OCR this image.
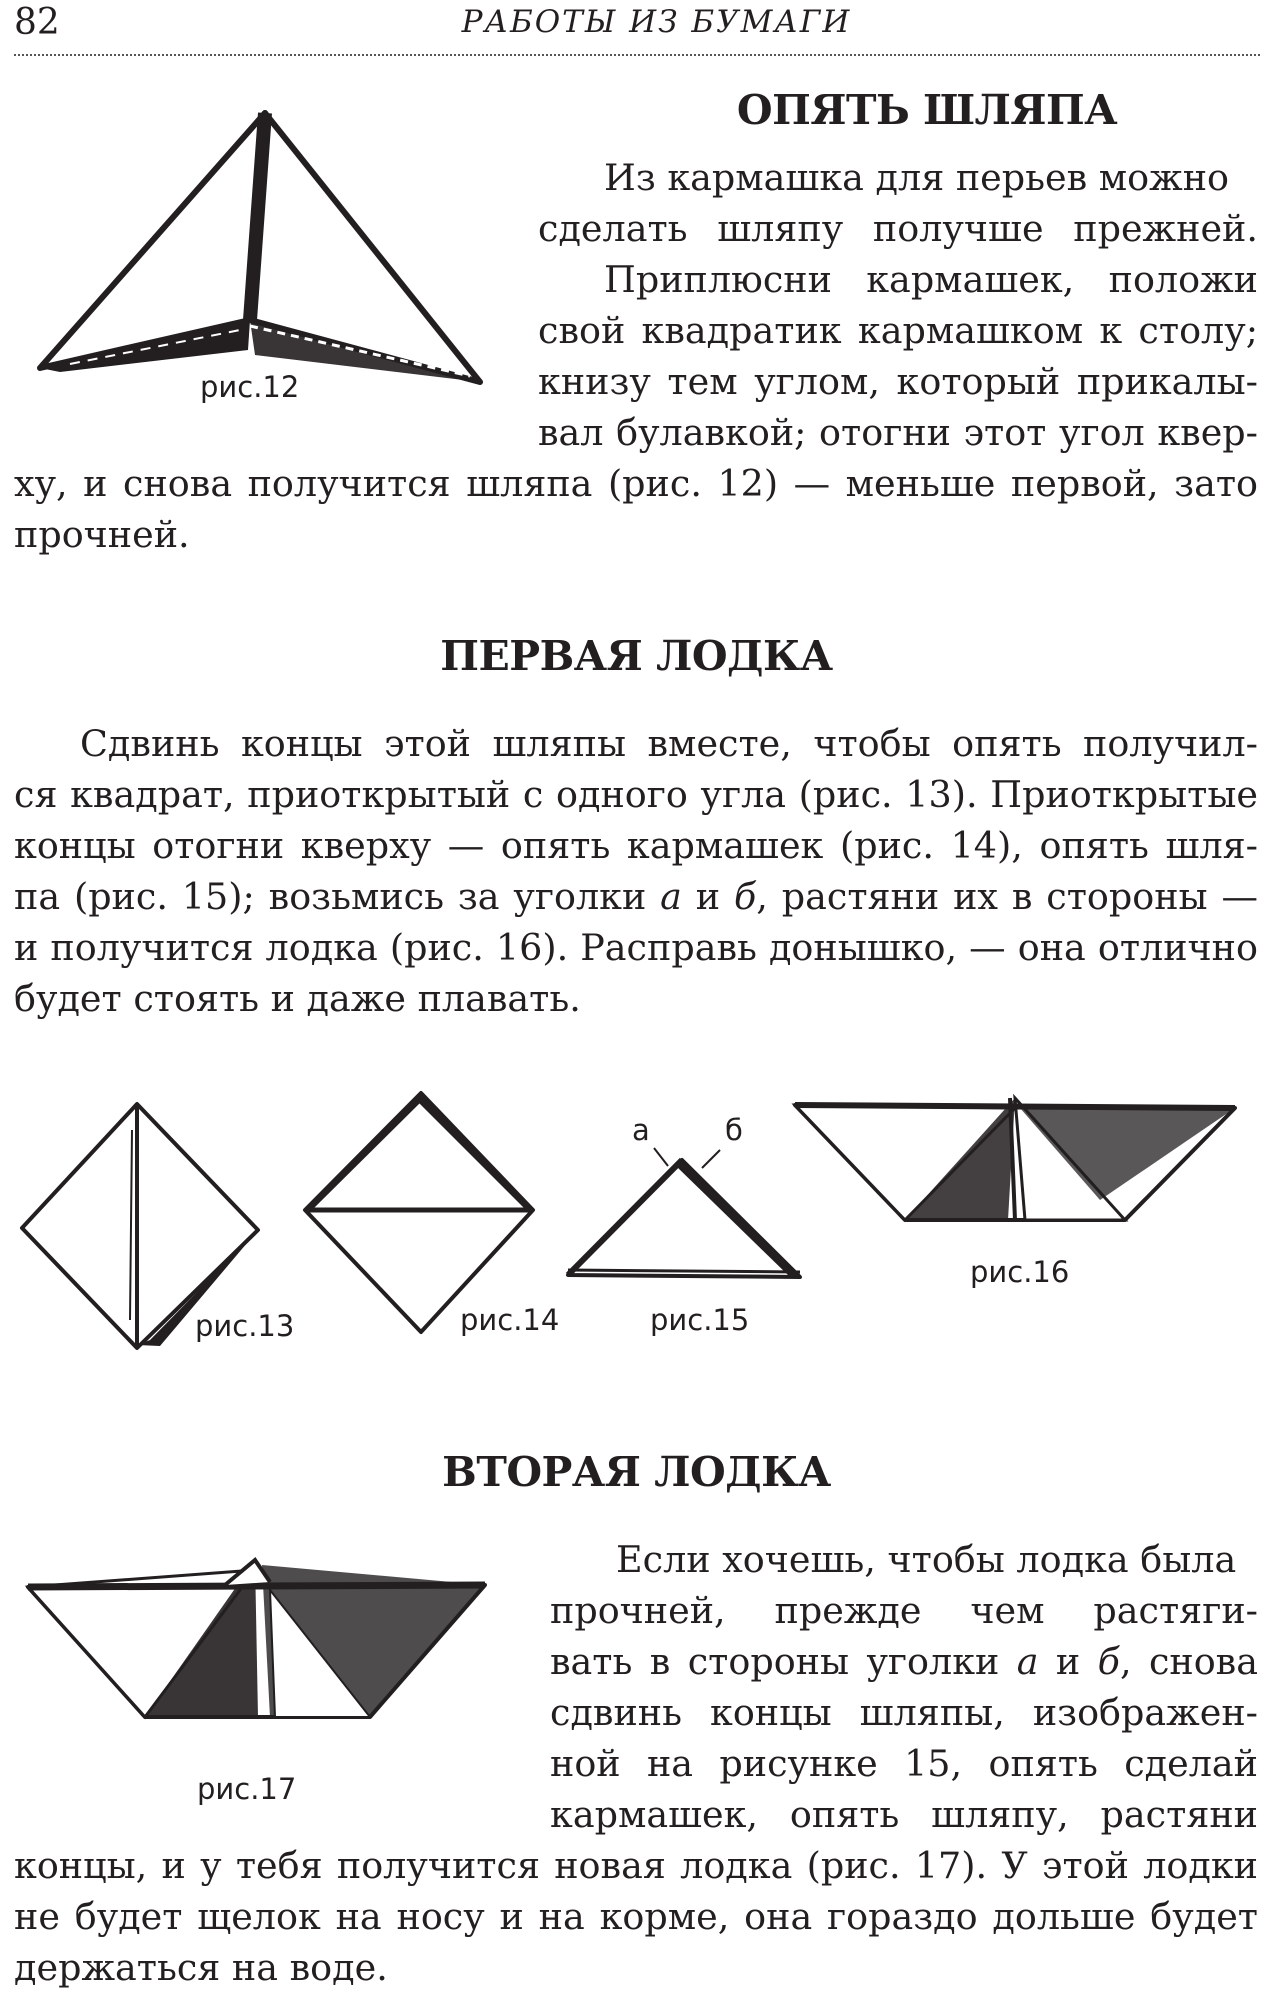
82	РАБОТЫ ИЗ БУМАГИ
ОПЯТЬ ШЛЯПА
рис.12
Из кармашка для перьев можно
сделать шляпу получше прежней.
Приплюсни кармашек, положи
свой квадратик кармашком к столу;
книзу тем углом, который прикалы-
вал булавкой; отогни этот угол квер-
ху, и снова получится шляпа (рис. 12) — меньше первой, зато
прочней.
ПЕРВАЯ ЛОДКА
Сдвинь концы этой шляпы вместе, чтобы опять получил-
ся квадрат, приоткрытый с одного угла (рис. 13). Приоткрытые
концы отогни кверху — опять кармашек (рис. 14), опять шля-
па (рис. 15); возьмись за уголки а и б, растяни их в стороны —
и получится лодка (рис. 16). Расправь донышко, — она отлично
будет стоять и даже плавать.
рис.13	рис.14
а	б
рис.15
рис.16
ВТОРАЯ ЛОДКА
рис.17
Если хочешь, чтобы лодка была
прочней, прежде чем растяги-
вать в стороны уголки а и б, снова
сдвинь концы шляпы, изображен-
ной на рисунке 15, опять сделай
кармашек, опять шляпу, растяни
концы, и у тебя получится новая лодка (рис. 17). У этой лодки
не будет щелок на носу и на корме, она гораздо дольше будет
держаться на воде.
